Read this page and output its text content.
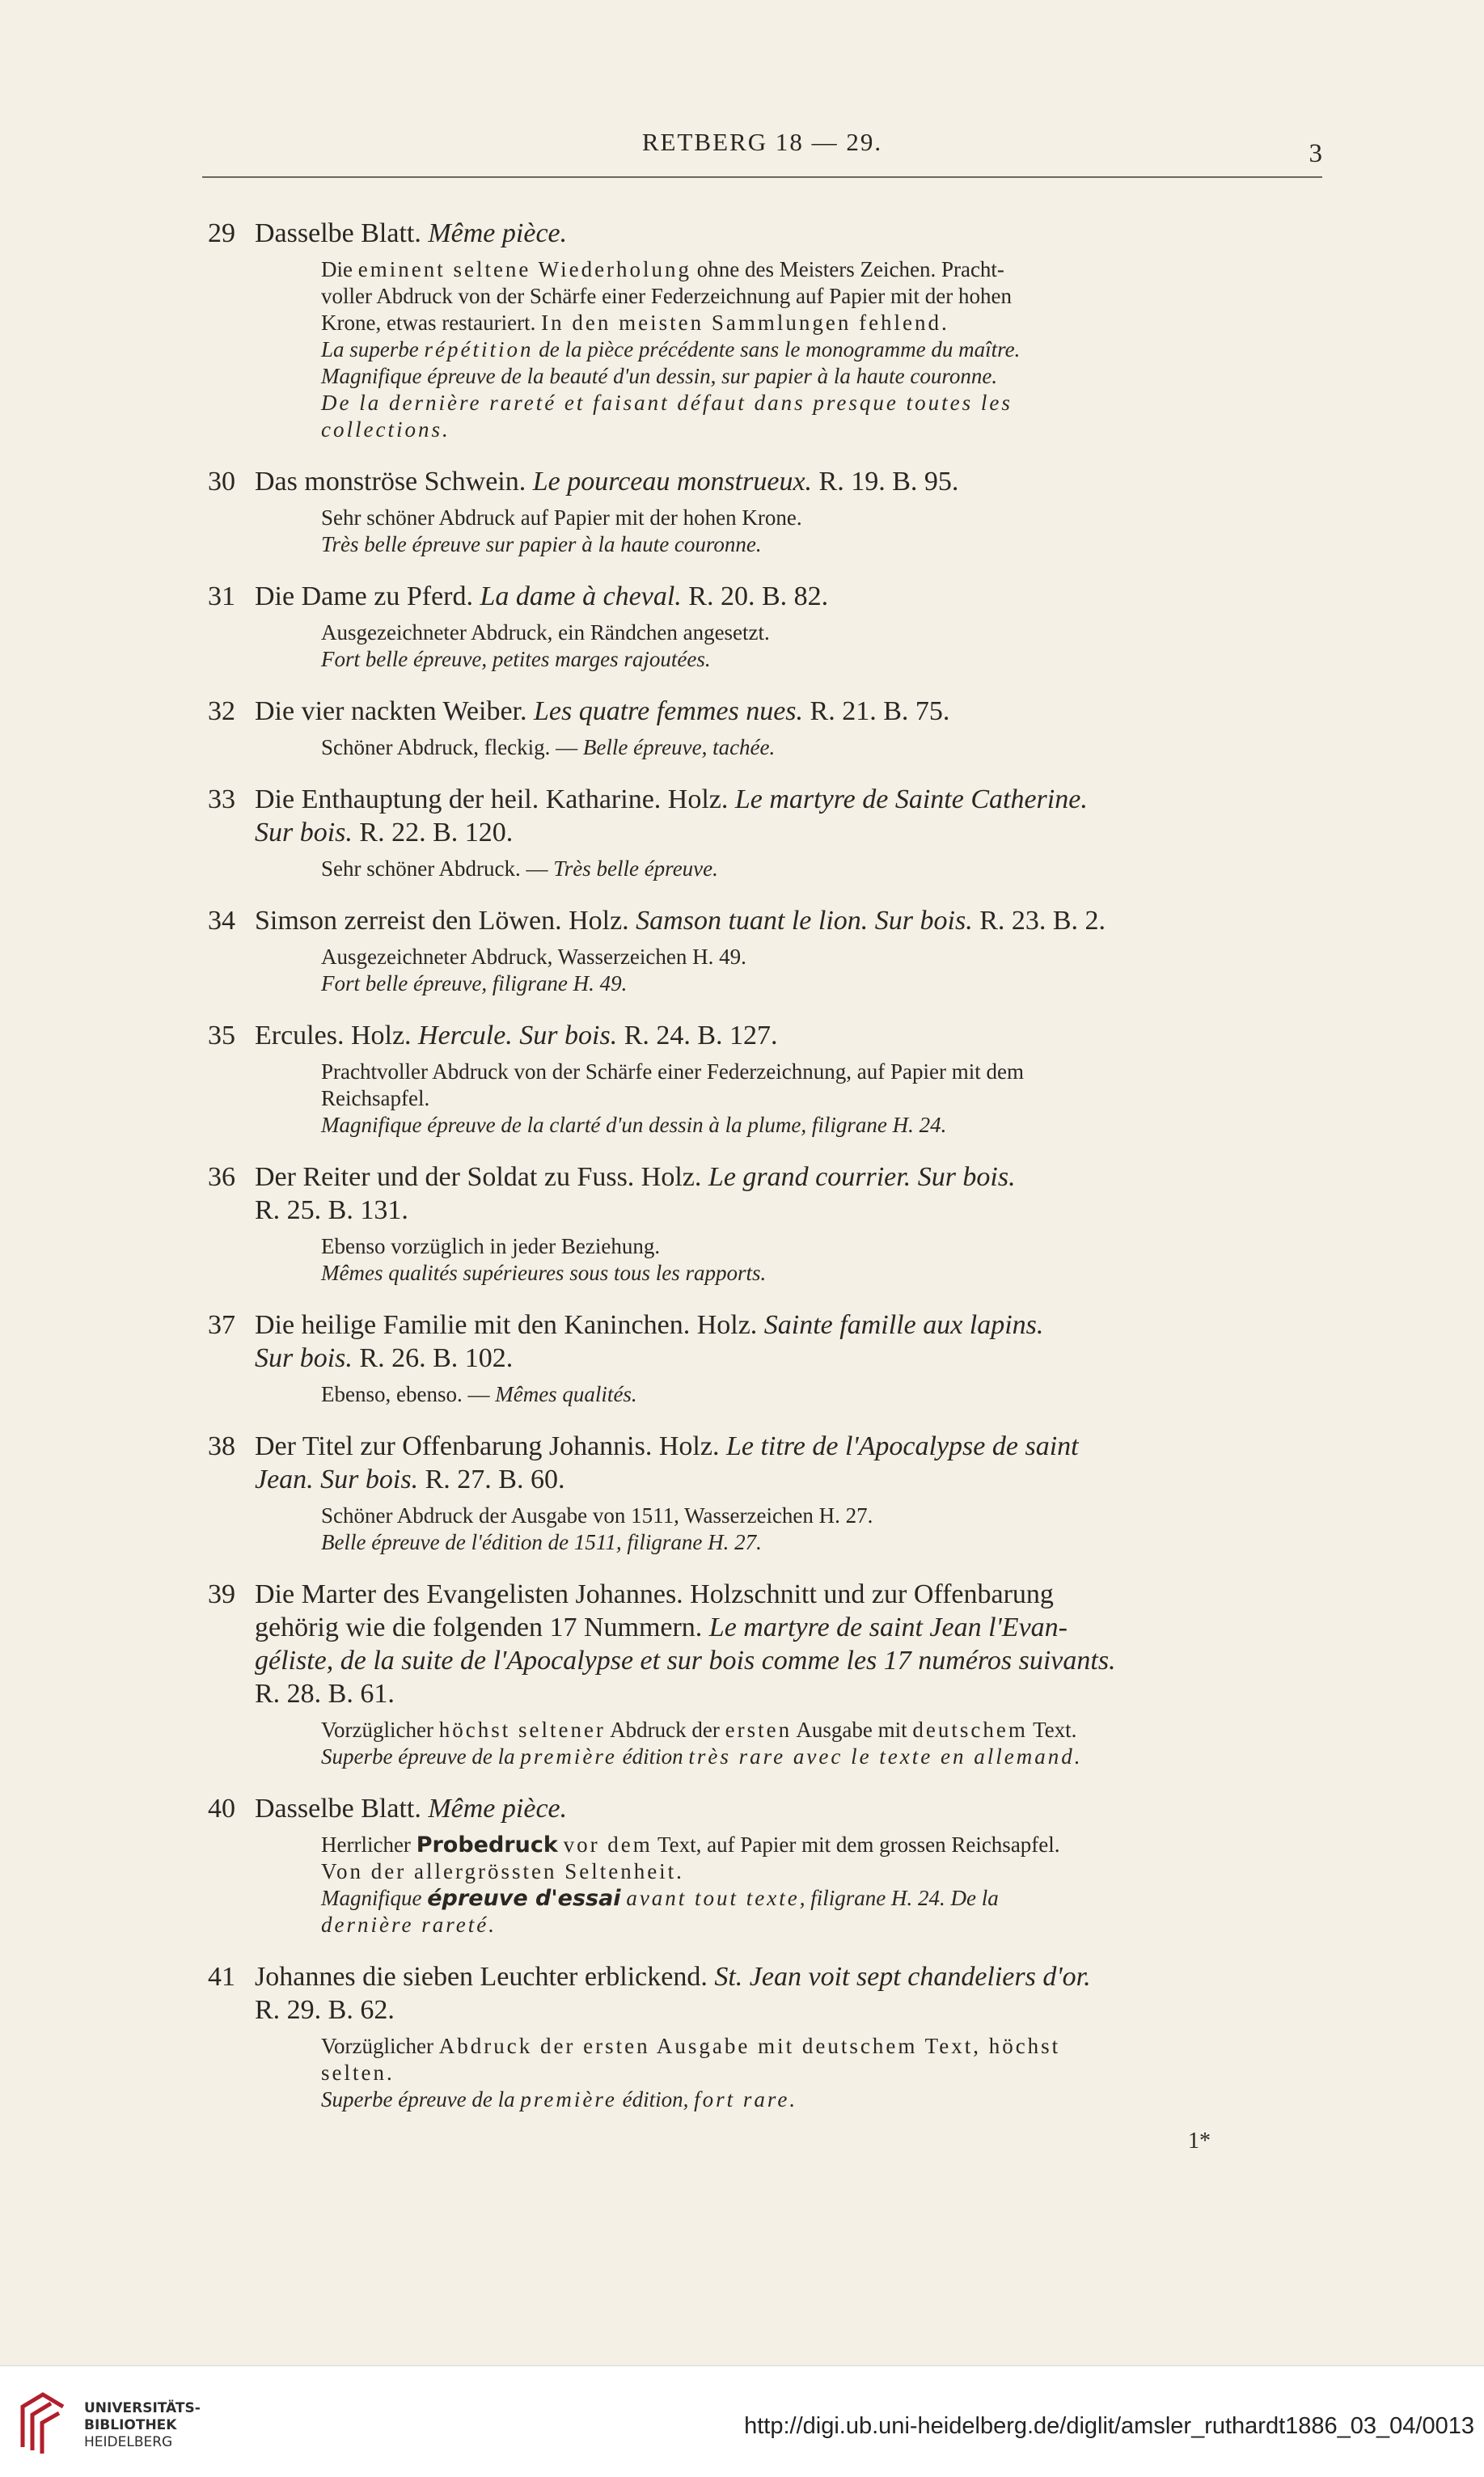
RETBERG 18 — 29.	3
29 Dasselbe Blatt. Même pièce.
Die eminent seltene Wiederholung ohne des Meisters Zeichen. Pracht-
voller Abdruck von der Schärfe einer Federzeichnung auf Papier mit der hohen
Krone, etwas restauriert. In den meisten Sammlungen fehlend.
La superbe répétition de la pièce précédente sans le monogramme du maître.
Magnifique épreuve de la beauté d'un dessin, sur papier à la haute couronne.
De la dernière rareté et faisant défaut dans presque toutes les
collections.
30 Das monströse Schwein. Le pourceau monstrueux. R. 19. B. 95.
Sehr schöner Abdruck auf Papier mit der hohen Krone.
Très belle épreuve sur papier à la haute couronne.
31 Die Dame zu Pferd. La dame à cheval. R. 20. B. 82.
Ausgezeichneter Abdruck, ein Rändchen angesetzt.
Fort belle épreuve, petites marges rajoutées.
32 Die vier nackten Weiber. Les quatre femmes nues. R. 21. B. 75.
Schöner Abdruck, fleckig. — Belle épreuve, tachée.
33 Die Enthauptung der heil. Katharine. Holz. Le martyre de Sainte Catherine.
Sur bois. R. 22. B. 120.
Sehr schöner Abdruck. — Très belle épreuve.
34 Simson zerreist den Löwen. Holz. Samson tuant le lion. Sur bois. R. 23. B. 2.
Ausgezeichneter Abdruck, Wasserzeichen H. 49.
Fort belle épreuve, filigrane H. 49.
35 Ercules. Holz. Hercule. Sur bois. R. 24. B. 127.
Prachtvoller Abdruck von der Schärfe einer Federzeichnung, auf Papier mit dem
Reichsapfel.
Magnifique épreuve de la clarté d'un dessin à la plume, filigrane H. 24.
36 Der Reiter und der Soldat zu Fuss. Holz. Le grand courrier. Sur bois.
R. 25. B. 131.
Ebenso vorzüglich in jeder Beziehung.
Mêmes qualités supérieures sous tous les rapports.
37 Die heilige Familie mit den Kaninchen. Holz. Sainte famille aux lapins.
Sur bois. R. 26. B. 102.
Ebenso, ebenso. — Mêmes qualités.
38 Der Titel zur Offenbarung Johannis. Holz. Le titre de l'Apocalypse de saint
Jean. Sur bois. R. 27. B. 60.
Schöner Abdruck der Ausgabe von 1511, Wasserzeichen H. 27.
Belle épreuve de l'édition de 1511, filigrane H. 27.
39 Die Marter des Evangelisten Johannes. Holzschnitt und zur Offenbarung
gehörig wie die folgenden 17 Nummern. Le martyre de saint Jean l'Evan-
géliste, de la suite de l'Apocalypse et sur bois comme les 17 numéros suivants.
R. 28. B. 61.
Vorzüglicher höchst seltener Abdruck der ersten Ausgabe mit deutschem Text.
Superbe épreuve de la première édition très rare avec le texte en allemand.
40 Dasselbe Blatt. Même pièce.
Herrlicher Probedruck vor dem Text, auf Papier mit dem grossen Reichsapfel.
Von der allergrössten Seltenheit.
Magnifique épreuve d'essai avant tout texte, filigrane H. 24. De la
dernière rareté.
41 Johannes die sieben Leuchter erblickend. St. Jean voit sept chandeliers d'or.
R. 29. B. 62.
Vorzüglicher Abdruck der ersten Ausgabe mit deutschem Text, höchst
selten.
Superbe épreuve de la première édition, fort rare.
1*
UNIVERSITÄTS-
BIBLIOTHEK
HEIDELBERG
http://digi.ub.uni-heidelberg.de/diglit/amsler_ruthardt1886_03_04/0013
